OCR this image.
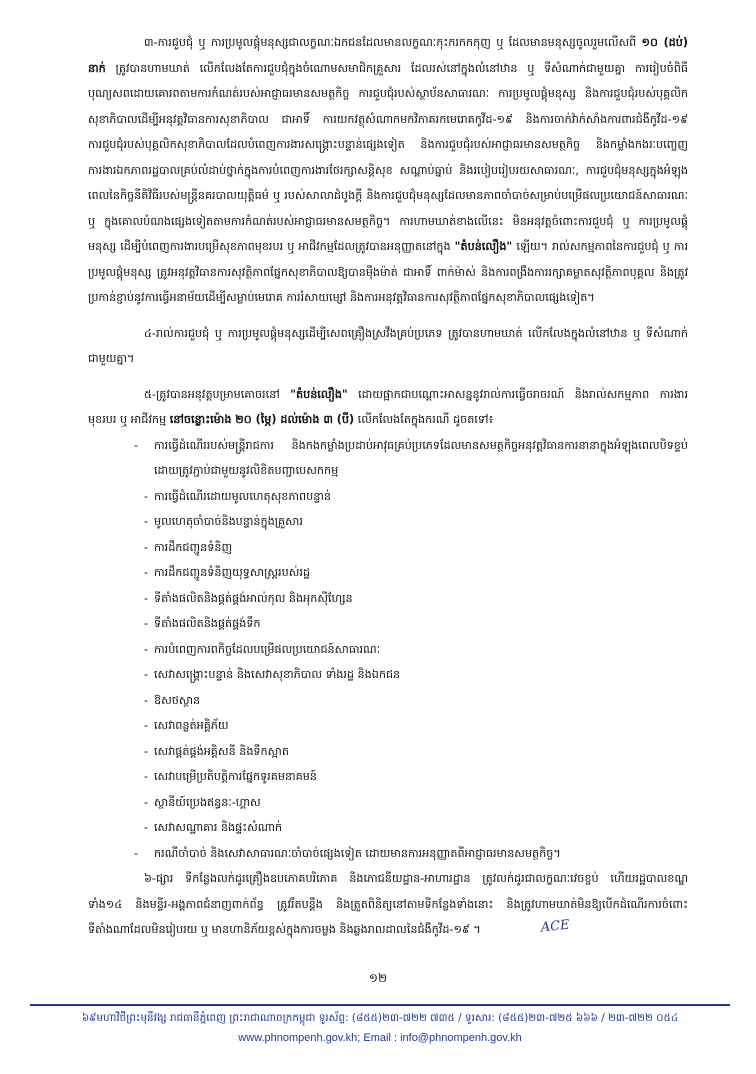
៣-ការជួបជុំ ឬ ការប្រមូលផ្តុំមនុស្សជាលក្ខណៈឯកជនដែលមានលក្ខណៈកុះករកកកុញ ឬ ដែលមានមនុស្សចូលរួមលើសពី ១០ (ដប់) នាក់ ត្រូវបានហាមឃាត់ លើកលែងតែការជួបជុំក្នុងចំណោមសមាជិកគ្រួសារ ដែលរស់នៅក្នុងលំនៅឋាន ឬ ទីសំណាក់ជាមួយគ្នា ការរៀបចំពិធីបុណ្យសពដោយគោរពតាមការកំណត់របស់អាជ្ញាធរមានសមត្ថកិច្ច ការជួបជុំរបស់ស្ថាប័នសាធារណៈ ការប្រមូលផ្តុំមនុស្ស និងការជួបជុំរបស់បុគ្គលិកសុខាភិបាលដើម្បីអនុវត្តវិធានការសុខាភិបាល ជាអាទិ៍ ការយកវត្ថុសំណាកមកវិភាគរកមេរោគកូវីដ-១៩ និងការចាក់វ៉ាក់សាំងការពារជំងឺកូវីដ-១៩ ការជួបជុំរបស់បុគ្គលិកសុខាភិបាលដែលបំពេញការងារសង្គ្រោះបន្ទាន់ផ្សេងទៀត និងការជួបជុំរបស់អាជ្ញាធរមានសមត្ថកិច្ច និងកម្លាំងកងរៈបញ្ចេញការងារឯកភាពរដ្ឋបាលគ្រប់លំដាប់ថ្នាក់ក្នុងការបំពេញការងារថែរក្សាសន្តិសុខ សណ្តាប់ធ្នាប់ និងរបៀបរៀបរយសាធារណៈ, ការជួបជុំមនុស្សក្នុងអំឡុងពេលនៃកិច្ចនីតិវិធីរបស់មន្ត្រីនគរបាលយុត្តិធម៌ ឬ របស់សាលាដំបូងក្តី និងការជួបជុំមនុស្សដែលមានភាពចាំបាច់សម្រាប់បម្រើផលប្រយោជន៍សាធារណៈ ឬ ក្នុងគោលបំណងផ្សេងទៀតតាមការកំណត់របស់អាជ្ញាធរមានសមត្ថកិច្ច។ ការហាមឃាត់ខាងលើនេះ មិនអនុវត្តចំពោះការជួបជុំ ឬ ការប្រមូលផ្តុំមនុស្ស ដើម្បីបំពេញការងារបម្រើសុខភាពមុខរបរ ឬ អាជីវកម្មដែលត្រូវបានអនុញ្ញាតនៅក្នុង "តំបន់លឿង" ឡើយ។ រាល់សកម្មភាពនៃការជួបជុំ ឬ ការប្រមូលផ្តុំមនុស្ស ត្រូវអនុវត្តវិធានការសុវត្ថិភាពផ្នែកសុខាភិបាលឱ្យបានម៉ឺងម៉ាត់ ជាអាទិ៍ ពាក់ម៉ាស់ និងការពង្រឹងការរក្សាគម្លាតសុវត្ថិភាពបុគ្គល និងត្រូវប្រកាន់ខ្ជាប់នូវការធ្វើអនាម័យដើម្បីសម្លាប់មេរោគ ការរំសាយម្សៅ និងការអនុវត្តវិធានការសុវត្ថិភាពផ្នែកសុខាភិបាលផ្សេងទៀត។

៤-រាល់ការជួបជុំ ឬ ការប្រមូលផ្តុំមនុស្សដើម្បីសេពគ្រឿងស្រវឹងគ្រប់ប្រភេទ ត្រូវបានហាមឃាត់ លើកលែងក្នុងលំនៅឋាន ឬ ទីសំណាក់ជាមួយគ្នា។

៥-ត្រូវបានអនុវត្តបម្រាមគោចរនៅ "តំបន់លឿង" ដោយផ្អាកជាបណ្តោះអាសន្ននូវរាល់ការធ្វើចរាចរណ៍ និងរាល់សកម្មភាព ការងារ មុខរបរ ឬ អាជីវកម្ម នៅចន្លោះម៉ោង ២០ (ម្ភៃ) ដល់ម៉ោង ៣ (បី) លើកលែងតែក្នុងករណី ដូចតទៅ៖

- ការធ្វើដំណើររបស់មន្ត្រីរាជការ និងកងកម្លាំងប្រដាប់អាវុធគ្រប់ប្រភេទដែលមានសមត្ថកិច្ចអនុវត្តវិធានការនានាក្នុងអំឡុងពេលបិទខ្ទប់ ដោយត្រូវភ្ជាប់ជាមួយនូវលិខិតបញ្ជាបេសកកម្ម
- ការធ្វើដំណើរដោយមូលហេតុសុខភាពបន្ទាន់
- មូលហេតុចាំបាច់និងបន្ទាន់ក្នុងគ្រួសារ
- ការដឹកជញ្ជូនទំនិញ
- ការដឹកជញ្ជូនទំនិញយុទ្ធសាស្ត្ររបស់រដ្ឋ
- ទីតាំងផលិតនិងផ្គត់ផ្គង់អាល់កុល និងអុកស៊ីហ្សែន
- ទីតាំងផលិតនិងផ្គត់ផ្គង់ទឹក
- ការបំពេញការពកិច្ចដែលបម្រើផលប្រយោជន៍សាធារណៈ
- សេវាសង្គ្រោះបន្ទាន់ និងសេវាសុខាភិបាល ទាំងរដ្ឋ និងឯកជន
- ឱសថស្ថាន
- សេវាពន្លត់អគ្គិភ័យ
- សេវាផ្គត់ផ្គង់អគ្គិសនី និងទឹកស្អាត
- សេវាបម្រើប្រតិបត្តិការផ្នែកទូរគមនាគមន៍
- ស្ថានីយ៍ប្រេងឥន្ធនៈ-ហ្គាស
- សេវាសណ្ឋាគារ និងផ្ទះសំណាក់
- ករណីចាំបាច់ និងសេវាសាធារណៈចាំបាច់ផ្សេងទៀត ដោយមានការអនុញ្ញាតពីអាជ្ញាធរមានសមត្ថកិច្ច។

៦-ផ្សារ ទីកន្លែងលក់ដូរគ្រឿងឧបភោគបរិភោគ និងភោជនីយដ្ឋាន-អាហារដ្ឋាន ត្រូវលក់ដូរជាលក្ខណៈវេចខ្ចប់ ហើយរដ្ឋបាលខណ្ឌទាំង១៤ និងមន្ទីរ-អង្គភាពជំនាញពាក់ព័ន្ធ ត្រូវរឹតបន្តឹង និងត្រួតពិនិត្យនៅតាមទីកន្លែងទាំងនោះ និងត្រូវហាមឃាត់មិនឱ្យបើកដំណើរការចំពោះទីតាំងណាដែលមិនរៀបរយ ឬ មានហានិភ័យខ្ពស់ក្នុងការចម្លង និងឆ្លងរាលដាលនៃជំងឺកូវីដ-១៩ ។	ACE

១២
៦៩មហាវិថីព្រះមុនីវង្ស រាជធានីភ្នំពេញ ព្រះរាជាណាចក្រកម្ពុជា ទូរស័ព្ទ: (៨៥៥)២៣-៧២២ ៧៣៥ / ទូរសារ: (៨៥៥)២៣-៧២៥ ៦៦៦ / ២៣-៧២២ ០៥៤
www.phnompenh.gov.kh; Email : info@phnompenh.gov.kh
